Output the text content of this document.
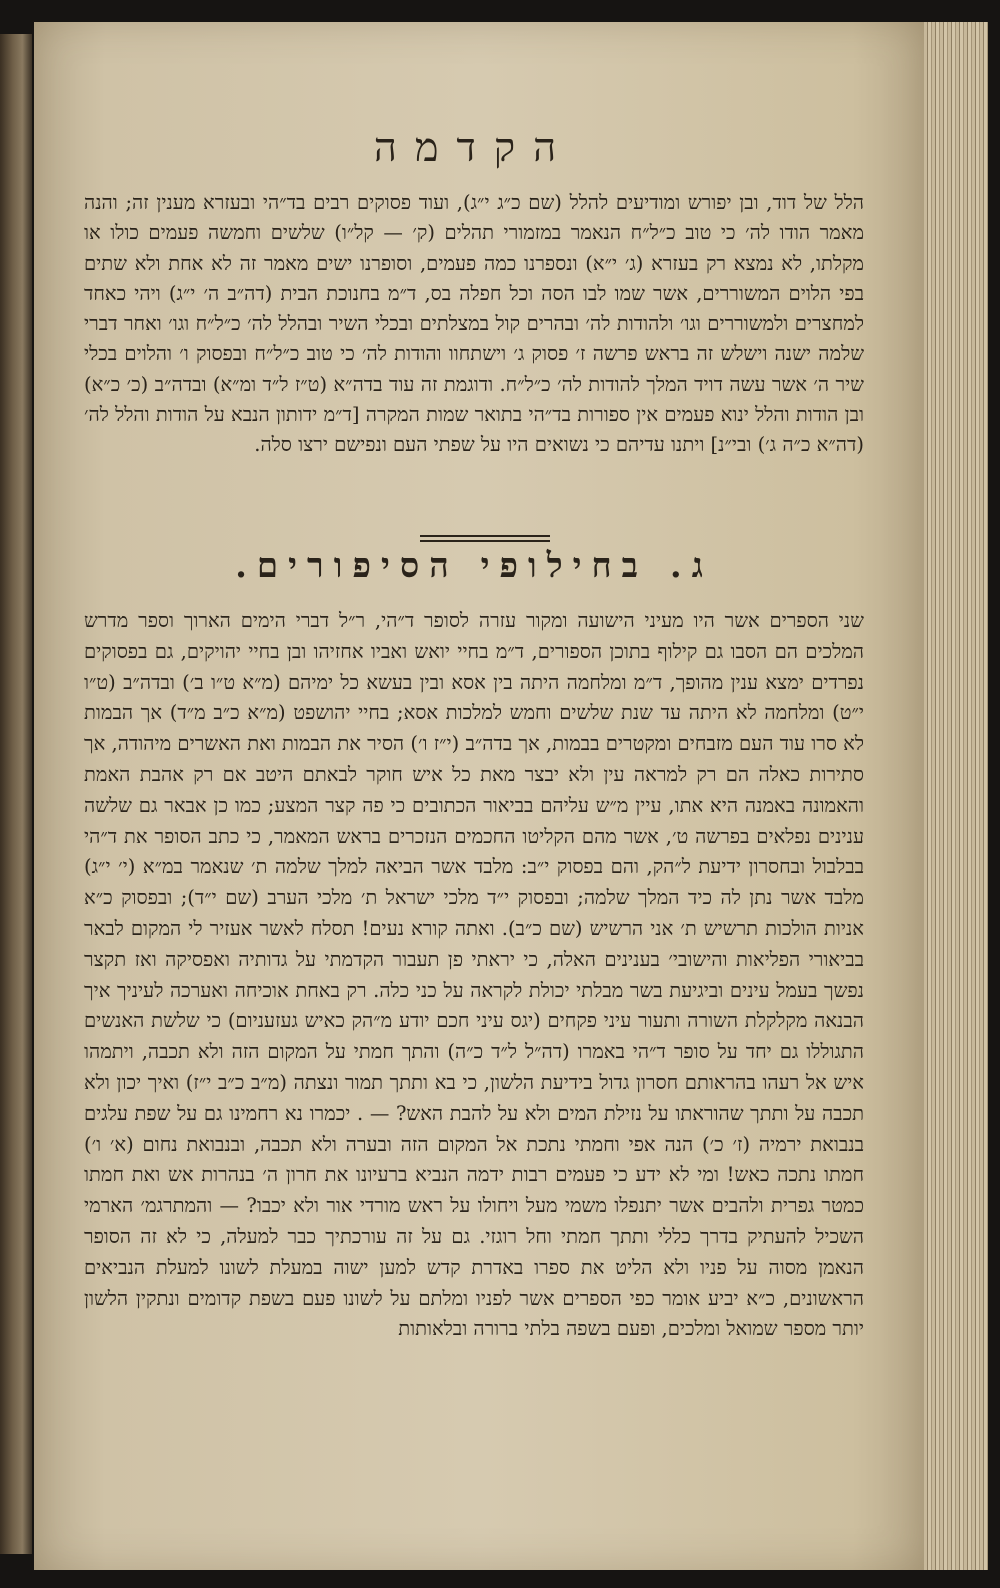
הקדמה

הלל של דוד, ובן יפורש ומודיעים להלל (שם כ״ג י״ג), ועוד פסוקים רבים בד״הי ובעזרא מענין זה; והנה מאמר הודו לה׳ כי טוב כ״ל״ח הנאמר במזמורי תהלים (ק׳ — קל״ו) שלשים וחמשה פעמים כולו או מקלתו, לא נמצא רק בעזרא (ג׳ י״א) ונספרנו כמה פעמים, וסופרנו ישים מאמר זה לא אחת ולא שתים בפי הלוים המשוררים, אשר שמו לבו הסה וכל חפלה בס, ד״מ בחנוכת הבית (דה״ב ה׳ י״ג) ויהי כאחד למחצרים ולמשוררים וגו׳ ולהודות לה׳ ובהרים קול במצלתים ובכלי השיר ובהלל לה׳ כ״ל״ח וגו׳ ואחר דברי שלמה ישנה וישלש זה בראש פרשה ז׳ פסוק ג׳ וישתחוו והודות לה׳ כי טוב כ״ל״ח ובפסוק ו׳ והלוים בכלי שיר ה׳ אשר עשה דויד המלך להודות לה׳ כ״ל״ח. ודוגמת זה עוד בדה״א (ט״ז ל״ד ומ״א) ובדה״ב (כ׳ כ״א) ובן הודות והלל ינוא פעמים אין ספורות בד״הי בתואר שמות המקרה [ד״מ ידותון הנבא על הודות והלל לה׳ (דה״א כ״ה ג׳) ובי״נ] ויתנו עדיהם כי נשואים היו על שפתי העם ונפישם ירצו סלה.

ג. בחילופי הסיפורים.

שני הספרים אשר היו מעיני הישועה ומקור עזרה לסופר ד״הי, ר״ל דברי הימים הארוך וספר מדרש המלכים הם הסבו גם קילוף בתוכן הספורים, ד״מ בחיי יואש ואביו אחזיהו ובן בחיי יהויקים, גם בפסוקים נפרדים ימצא ענין מהופך, ד״מ ומלחמה היתה בין אסא ובין בעשא כל ימיהם (מ״א ט״ו ב׳) ובדה״ב (ט״ו י״ט) ומלחמה לא היתה עד שנת שלשים וחמש למלכות אסא; בחיי יהושפט (מ״א כ״ב מ״ד) אך הבמות לא סרו עוד העם מזבחים ומקטרים בבמות, אך בדה״ב (י״ז ו׳) הסיר את הבמות ואת האשרים מיהודה, אך סתירות כאלה הם רק למראה עין ולא יבצר מאת כל איש חוקר לבאתם היטב אם רק אהבת האמת והאמונה באמנה היא אתו, עיין מ״ש עליהם בביאור הכתובים כי פה קצר המצע; כמו כן אבאר גם שלשה ענינים נפלאים בפרשה ט׳, אשר מהם הקליטו החכמים הנזכרים בראש המאמר, כי כתב הסופר את ד״הי בבלבול ובחסרון ידיעת ל״הק, והם בפסוק י״ב: מלבד אשר הביאה למלך שלמה ת׳ שנאמר במ״א (י׳ י״ג) מלבד אשר נתן לה כיד המלך שלמה; ובפסוק י״ד מלכי ישראל ת׳ מלכי הערב (שם י״ד); ובפסוק כ״א אניות הולכות תרשיש ת׳ אני הרשיש (שם כ״ב). ואתה קורא נעים! תסלח לאשר אעזיר לי המקום לבאר בביאורי הפליאות והישובי׳ בענינים האלה, כי יראתי פן תעבור הקדמתי על גדותיה ואפסיקה ואז תקצר נפשך בעמל עינים וביגיעת בשר מבלתי יכולת לקראה על כני כלה. רק באחת אוכיחה ואערכה לעיניך איך הבנאה מקלקלת השורה ותעור עיני פקחים (יגס עיני חכם יודע מ״הק כאיש געזעניום) כי שלשת האנשים התגוללו גם יחד על סופר ד״הי באמרו (דה״ל ל״ד כ״ה) והתך חמתי על המקום הזה ולא תכבה, ויתמהו איש אל רעהו בהראותם חסרון גדול בידיעת הלשון, כי בא ותתך תמור ונצתה (מ״ב כ״ב י״ז) ואיך יכון ולא תכבה על ותתך שהוראתו על נזילת המים ולא על להבת האש? — . יכמרו נא רחמינו גם על שפת עלגים בנבואת ירמיה (ז׳ כ׳) הנה אפי וחמתי נתכת אל המקום הזה ובערה ולא תכבה, ובנבואת נחום (א׳ ו׳) חמתו נתכה כאש! ומי לא ידע כי פעמים רבות ידמה הנביא ברעיונו את חרון ה׳ בנהרות אש ואת חמתו כמטר גפרית ולהבים אשר יתנפלו משמי מעל ויחולו על ראש מורדי אור ולא יכבו? — והמתרגמ׳ הארמי השכיל להעתיק בדרך כללי ותתך חמתי וחל רוגזי. גם על זה עורכתיך כבר למעלה, כי לא זה הסופר הנאמן מסוה על פניו ולא הליט את ספרו באדרת קדש למען ישוה במעלת לשונו למעלת הנביאים הראשונים, כ״א יביע אומר כפי הספרים אשר לפניו ומלתם על לשונו פעם בשפת קדומים ונתקין הלשון יותר מספר שמואל ומלכים, ופעם בשפה בלתי ברורה ובלאותות
